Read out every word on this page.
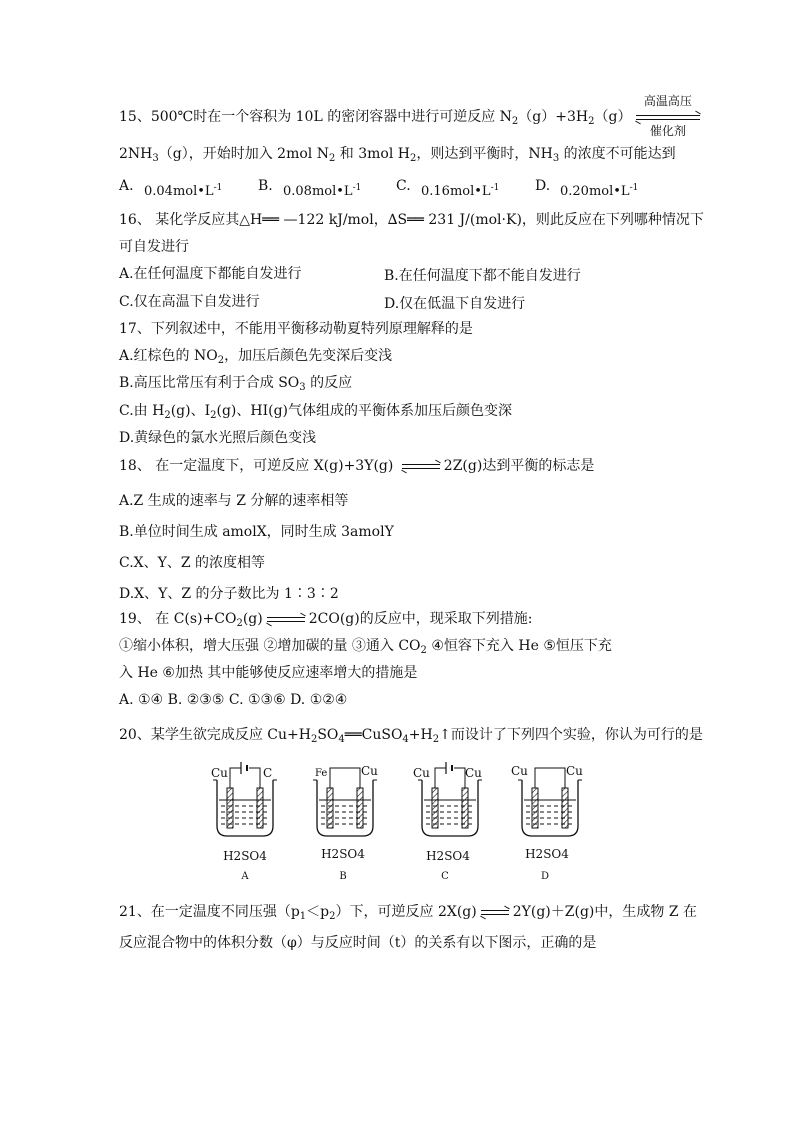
15、500℃时在一个容积为 10L 的密闭容器中进行可逆反应 $N_2(g)+3H_2(g)$
高温高压
催化剂
$2NH_3(g)$，开始时加入 2mol $N_2$ 和 3mol $H_2$，则达到平衡时，$NH_3$ 的浓度不可能达到
A. $0.04mol•L^{-1}$	B. $0.08mol•L^{-1}$ C. $0.16mol•L^{-1}$	D. $0.20mol•L^{-1}$
16、 某化学反应其△H══ —122 kJ/mol，∆S══ 231 J/(mol·K)，则此反应在下列哪种情况下
可自发进行
A.在任何温度下都能自发进行	B.在任何温度下都不能自发进行
C.仅在高温下自发进行	D.仅在低温下自发进行
17、下列叙述中，不能用平衡移动勒夏特列原理解释的是
A.红棕色的 $NO_2$，加压后颜色先变深后变浅
B.高压比常压有利于合成 $SO_3$ 的反应
C.由 $H_2(g)$、$I_2(g)$、HI(g)气体组成的平衡体系加压后颜色变深
D.黄绿色的氯水光照后颜色变浅
18、 在一定温度下，可逆反应 X(g)+3Y(g)	2Z(g)达到平衡的标志是
A.Z 生成的速率与 Z 分解的速率相等
B.单位时间生成 amolX，同时生成 3amolY
C.X、Y、Z 的浓度相等
D.X、Y、Z 的分子数比为 1∶3∶2
19、 在 $C(s)+CO_2(g)$	2CO(g)的反应中，现采取下列措施:
①缩小体积，增大压强 ②增加碳的量 ③通入 $CO_2$ ④恒容下充入 He ⑤恒压下充
入 He ⑥加热 其中能够使反应速率增大的措施是
A. ①④ B. ②③⑤ C. ①③⑥ D. ①②④
20、某学生欲完成反应 $Cu+H_2SO_4══CuSO_4+H_2↑$而设计了下列四个实验，你认为可行的是
Cu	C	Fe	Cu	Cu	Cu Cu	Cu
H2SO4
A
H2SO4
B
H2SO4
C
H2SO4
D
21、在一定温度不同压强$(p_1<p_2)$下，可逆反应 2X(g)	2Y(g)＋Z(g)中，生成物 Z 在
反应混合物中的体积分数（φ）与反应时间（t）的关系有以下图示，正确的是
